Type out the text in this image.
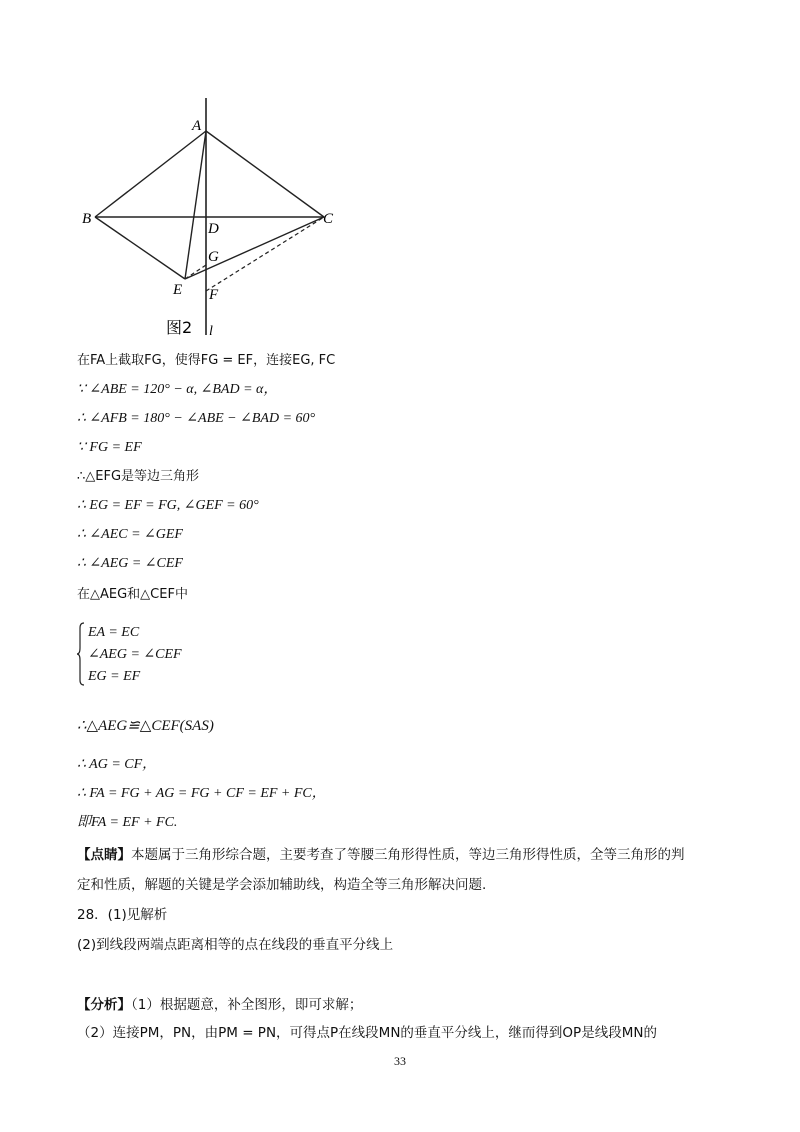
A
B	C
D
G
E F
l
图2
在FA上截取FG，使得FG = EF，连接EG, FC
∵ ∠ABE = 120° − α, ∠BAD = α，
∴ ∠AFB = 180° − ∠ABE − ∠BAD = 60°
∵ FG = EF
∴△EFG是等边三角形
∴ EG = EF = FG, ∠GEF = 60°
∴ ∠AEC = ∠GEF
∴ ∠AEG = ∠CEF
在△AEG和△CEF中
EA = EC
∠AEG = ∠CEF
EG = EF
∴△AEG≌△CEF(SAS)
∴ AG = CF，
∴ FA = FG + AG = FG + CF = EF + FC，
即FA = EF + FC.
【点睛】本题属于三角形综合题，主要考查了等腰三角形得性质，等边三角形得性质，全等三角形的判
定和性质，解题的关键是学会添加辅助线，构造全等三角形解决问题.
28．(1)见解析
(2)到线段两端点距离相等的点在线段的垂直平分线上
【分析】（1）根据题意，补全图形，即可求解；
（2）连接PM，PN，由PM = PN，可得点P在线段MN的垂直平分线上，继而得到OP是线段MN的
33
